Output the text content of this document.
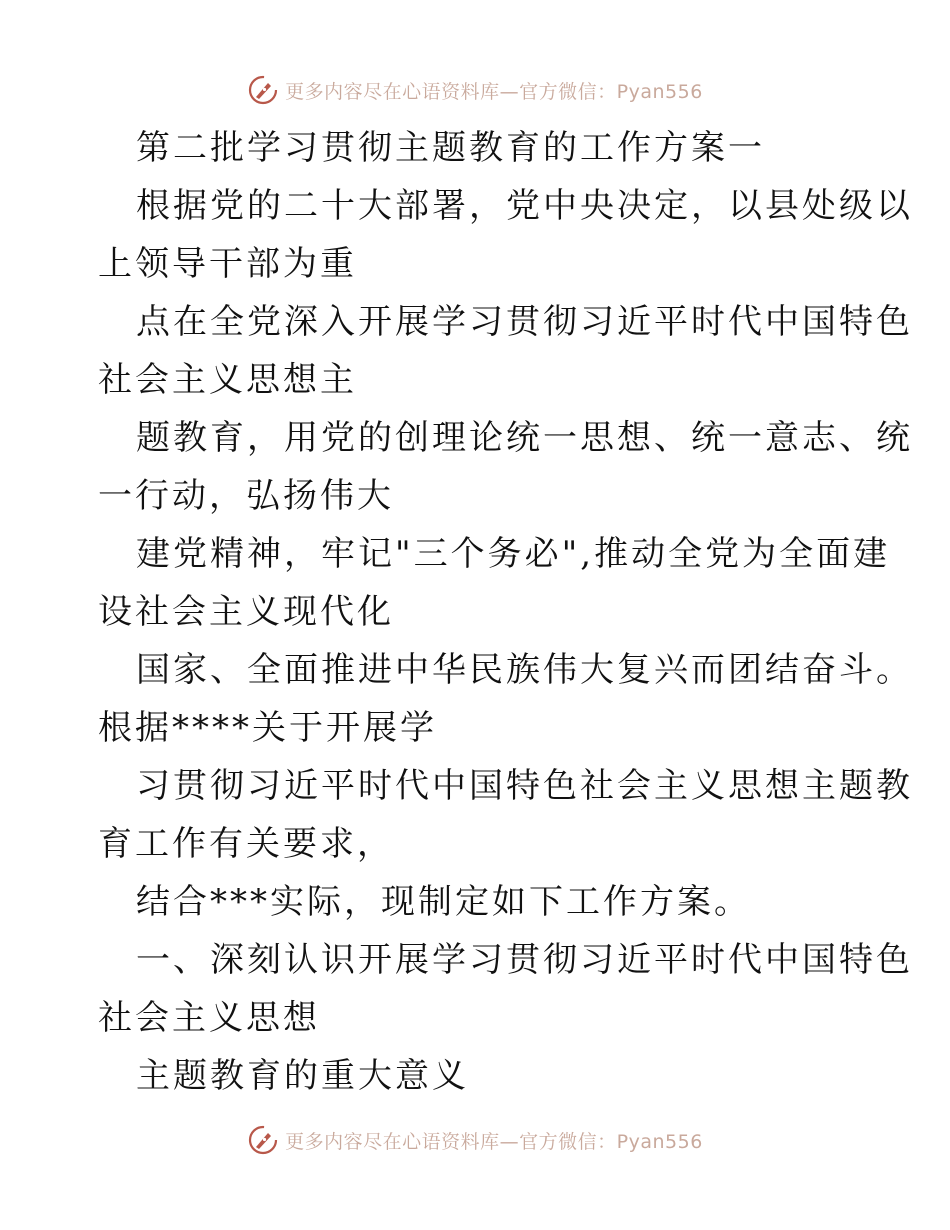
更多内容尽在心语资料库—官方微信：Pyan556

第二批学习贯彻主题教育的工作方案一

根据党的二十大部署，党中央决定，以县处级以

上领导干部为重

点在全党深入开展学习贯彻习近平时代中国特色

社会主义思想主

题教育，用党的创理论统一思想、统一意志、统

一行动，弘扬伟大

建党精神，牢记"三个务必",推动全党为全面建

设社会主义现代化

国家、全面推进中华民族伟大复兴而团结奋斗。

根据****关于开展学

习贯彻习近平时代中国特色社会主义思想主题教

育工作有关要求，

结合***实际，现制定如下工作方案。

一、深刻认识开展学习贯彻习近平时代中国特色

社会主义思想

主题教育的重大意义

更多内容尽在心语资料库—官方微信：Pyan556
